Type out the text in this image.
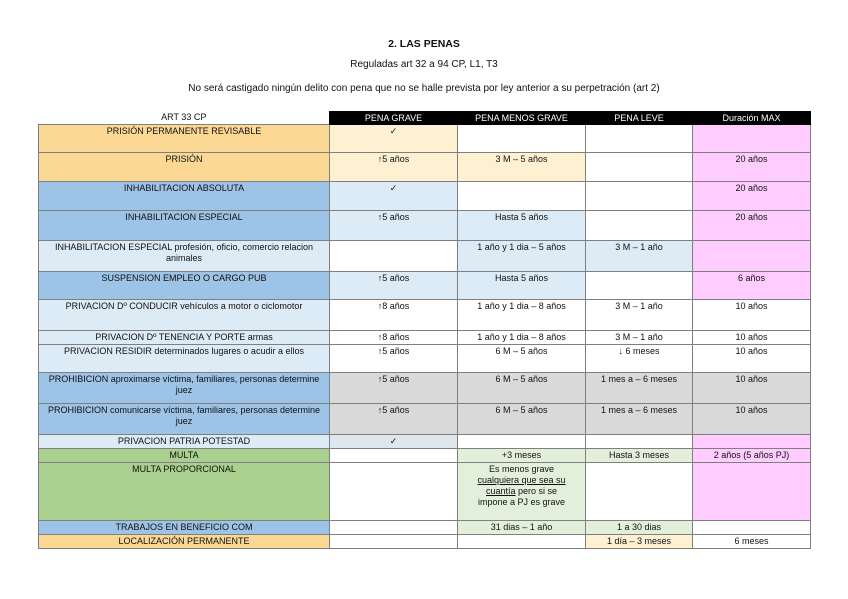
2. LAS PENAS
Reguladas art 32 a 94 CP, L1, T3
No será castigado ningún delito con pena que no se halle prevista por ley anterior a su perpetración (art 2)
ART 33 CP	PENA GRAVE	PENA MENOS GRAVE	PENA LEVE	Duración MAX
PRISIÓN PERMANENTE REVISABLE	✓			
PRISIÓN	↑5 años	3 M – 5 años		20 años
INHABILITACION ABSOLUTA	✓			20 años
INHABILITACION ESPECIAL	↑5 años	Hasta 5 años		20 años
INHABILITACION ESPECIAL profesión, oficio, comercio relacion animales		1 año y 1 dia – 5 años	3 M – 1 año	
SUSPENSION EMPLEO O CARGO PUB	↑5 años	Hasta 5 años		6 años
PRIVACION Dº CONDUCIR vehículos a motor o ciclomotor	↑8 años	1 año y 1 dia – 8 años	3 M – 1 año	10 años
PRIVACION Dº TENENCIA Y PORTE armas	↑8 años	1 año y 1 dia – 8 años	3 M – 1 año	10 años
PRIVACION RESIDIR determinados lugares o acudir a ellos	↑5 años	6 M – 5 años	↓ 6 meses	10 años
PROHIBICION aproximarse víctima, familiares, personas determine juez	↑5 años	6 M – 5 años	1 mes a – 6 meses	10 años
PROHIBICION comunicarse víctima, familiares, personas determine juez	↑5 años	6 M – 5 años	1 mes a – 6 meses	10 años
PRIVACION PATRIA POTESTAD	✓			
MULTA		+3 meses	Hasta 3 meses	2 años (5 años PJ)
MULTA PROPORCIONAL		Es menos grave
cualquiera que sea su
cuantía pero si se
impone a PJ es grave		

TRABAJOS EN BENEFICIO COM		31 dias – 1 año	1 a 30 dias	
LOCALIZACIÓN PERMANENTE			1 día – 3 meses	6 meses
